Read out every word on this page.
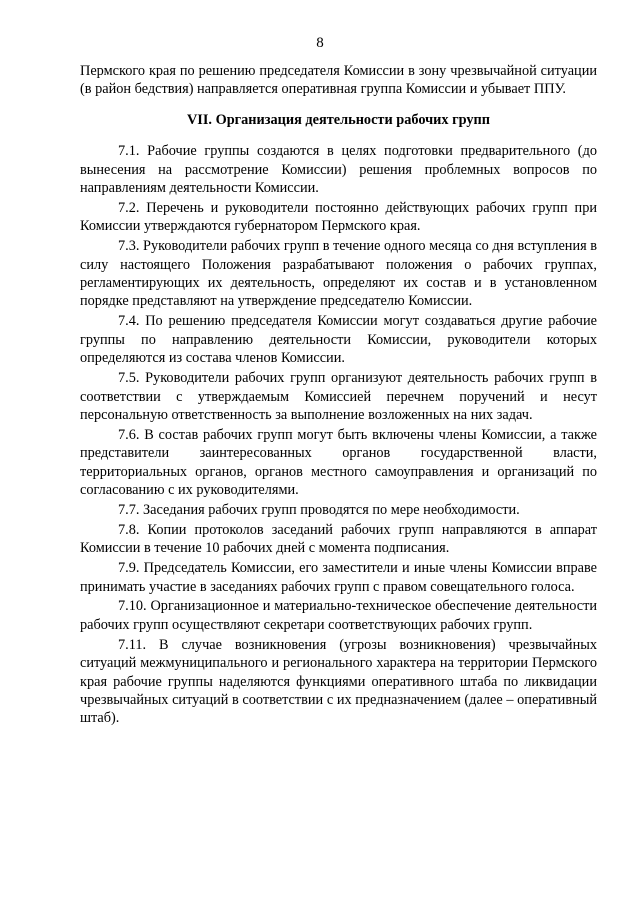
8

Пермского края по решению председателя Комиссии в зону чрезвычайной ситуации (в район бедствия) направляется оперативная группа Комиссии и убывает ППУ.

VII. Организация деятельности рабочих групп

7.1. Рабочие группы создаются в целях подготовки предварительного (до вынесения на рассмотрение Комиссии) решения проблемных вопросов по направлениям деятельности Комиссии.

7.2. Перечень и руководители постоянно действующих рабочих групп при Комиссии утверждаются губернатором Пермского края.

7.3. Руководители рабочих групп в течение одного месяца со дня вступления в силу настоящего Положения разрабатывают положения о рабочих группах, регламентирующих их деятельность, определяют их состав и в установленном порядке представляют на утверждение председателю Комиссии.

7.4. По решению председателя Комиссии могут создаваться другие рабочие группы по направлению деятельности Комиссии, руководители которых определяются из состава членов Комиссии.

7.5. Руководители рабочих групп организуют деятельность рабочих групп в соответствии с утверждаемым Комиссией перечнем поручений и несут персональную ответственность за выполнение возложенных на них задач.

7.6. В состав рабочих групп могут быть включены члены Комиссии, а также представители заинтересованных органов государственной власти, территориальных органов, органов местного самоуправления и организаций по согласованию с их руководителями.

7.7. Заседания рабочих групп проводятся по мере необходимости.

7.8. Копии протоколов заседаний рабочих групп направляются в аппарат Комиссии в течение 10 рабочих дней с момента подписания.

7.9. Председатель Комиссии, его заместители и иные члены Комиссии вправе принимать участие в заседаниях рабочих групп с правом совещательного голоса.

7.10. Организационное и материально-техническое обеспечение деятельности рабочих групп осуществляют секретари соответствующих рабочих групп.

7.11. В случае возникновения (угрозы возникновения) чрезвычайных ситуаций межмуниципального и регионального характера на территории Пермского края рабочие группы наделяются функциями оперативного штаба по ликвидации чрезвычайных ситуаций в соответствии с их предназначением (далее – оперативный штаб).
